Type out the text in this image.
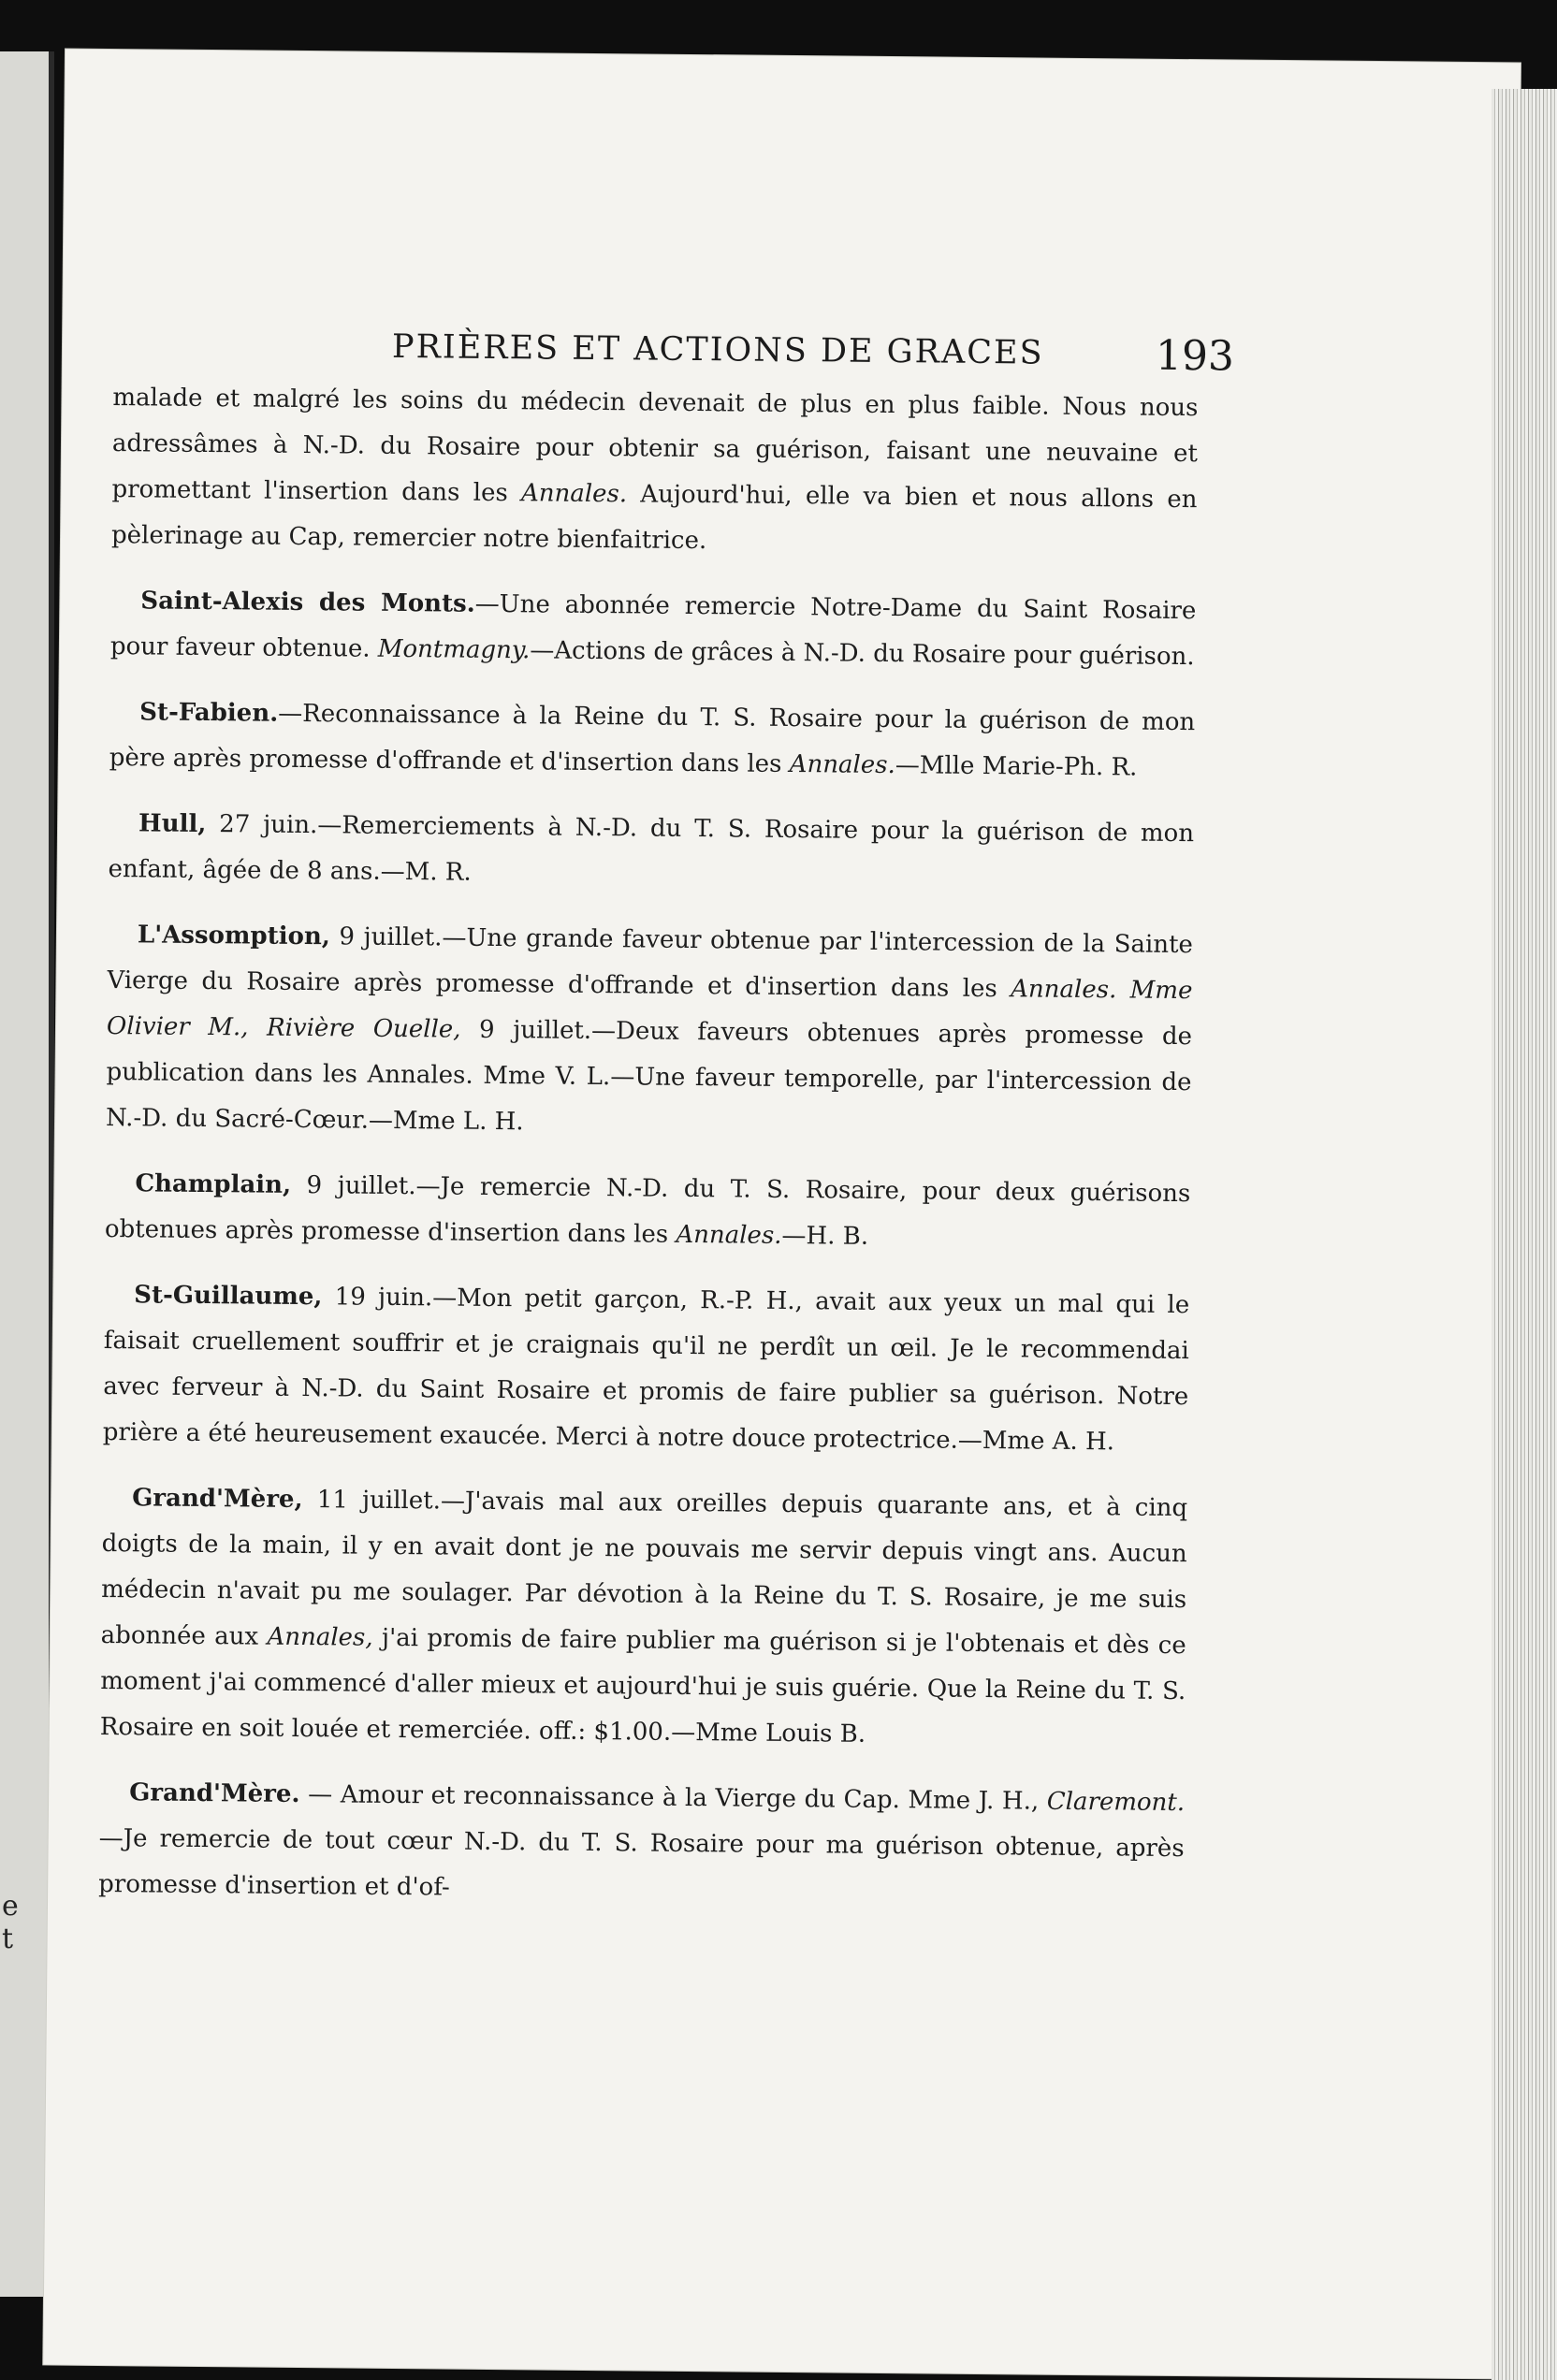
e
t
PRIÈRES ET ACTIONS DE GRACES	193

malade et malgré les soins du médecin devenait de plus en plus faible. Nous nous adressâmes à N.-D. du Rosaire pour obtenir sa guérison, faisant une neuvaine et promettant l'insertion dans les Annales. Aujourd'hui, elle va bien et nous allons en pèlerinage au Cap, remercier notre bienfaitrice.

Saint-Alexis des Monts.—Une abonnée remercie Notre-Dame du Saint Rosaire pour faveur obtenue. Montmagny.—Actions de grâces à N.-D. du Rosaire pour guérison.

St-Fabien.—Reconnaissance à la Reine du T. S. Rosaire pour la guérison de mon père après promesse d'offrande et d'insertion dans les Annales.—Mlle Marie-Ph. R.

Hull, 27 juin.—Remerciements à N.-D. du T. S. Rosaire pour la guérison de mon enfant, âgée de 8 ans.—M. R.

L'Assomption, 9 juillet.—Une grande faveur obtenue par l'intercession de la Sainte Vierge du Rosaire après promesse d'offrande et d'insertion dans les Annales. Mme Olivier M., Rivière Ouelle, 9 juillet.—Deux faveurs obtenues après promesse de publication dans les Annales. Mme V. L.—Une faveur temporelle, par l'intercession de N.-D. du Sacré-Cœur.—Mme L. H.

Champlain, 9 juillet.—Je remercie N.-D. du T. S. Rosaire, pour deux guérisons obtenues après promesse d'insertion dans les Annales.—H. B.

St-Guillaume, 19 juin.—Mon petit garçon, R.-P. H., avait aux yeux un mal qui le faisait cruellement souffrir et je craignais qu'il ne perdît un œil. Je le recommendai avec ferveur à N.-D. du Saint Rosaire et promis de faire publier sa guérison. Notre prière a été heureusement exaucée. Merci à notre douce protectrice.—Mme A. H.

Grand'Mère, 11 juillet.—J'avais mal aux oreilles depuis quarante ans, et à cinq doigts de la main, il y en avait dont je ne pouvais me servir depuis vingt ans. Aucun médecin n'avait pu me soulager. Par dévotion à la Reine du T. S. Rosaire, je me suis abonnée aux Annales, j'ai promis de faire publier ma guérison si je l'obtenais et dès ce moment j'ai commencé d'aller mieux et aujourd'hui je suis guérie. Que la Reine du T. S. Rosaire en soit louée et remerciée. off.: $1.00.—Mme Louis B.

Grand'Mère. — Amour et reconnaissance à la Vierge du Cap. Mme J. H., Claremont.—Je remercie de tout cœur N.-D. du T. S. Rosaire pour ma guérison obtenue, après promesse d'insertion et d'of-
